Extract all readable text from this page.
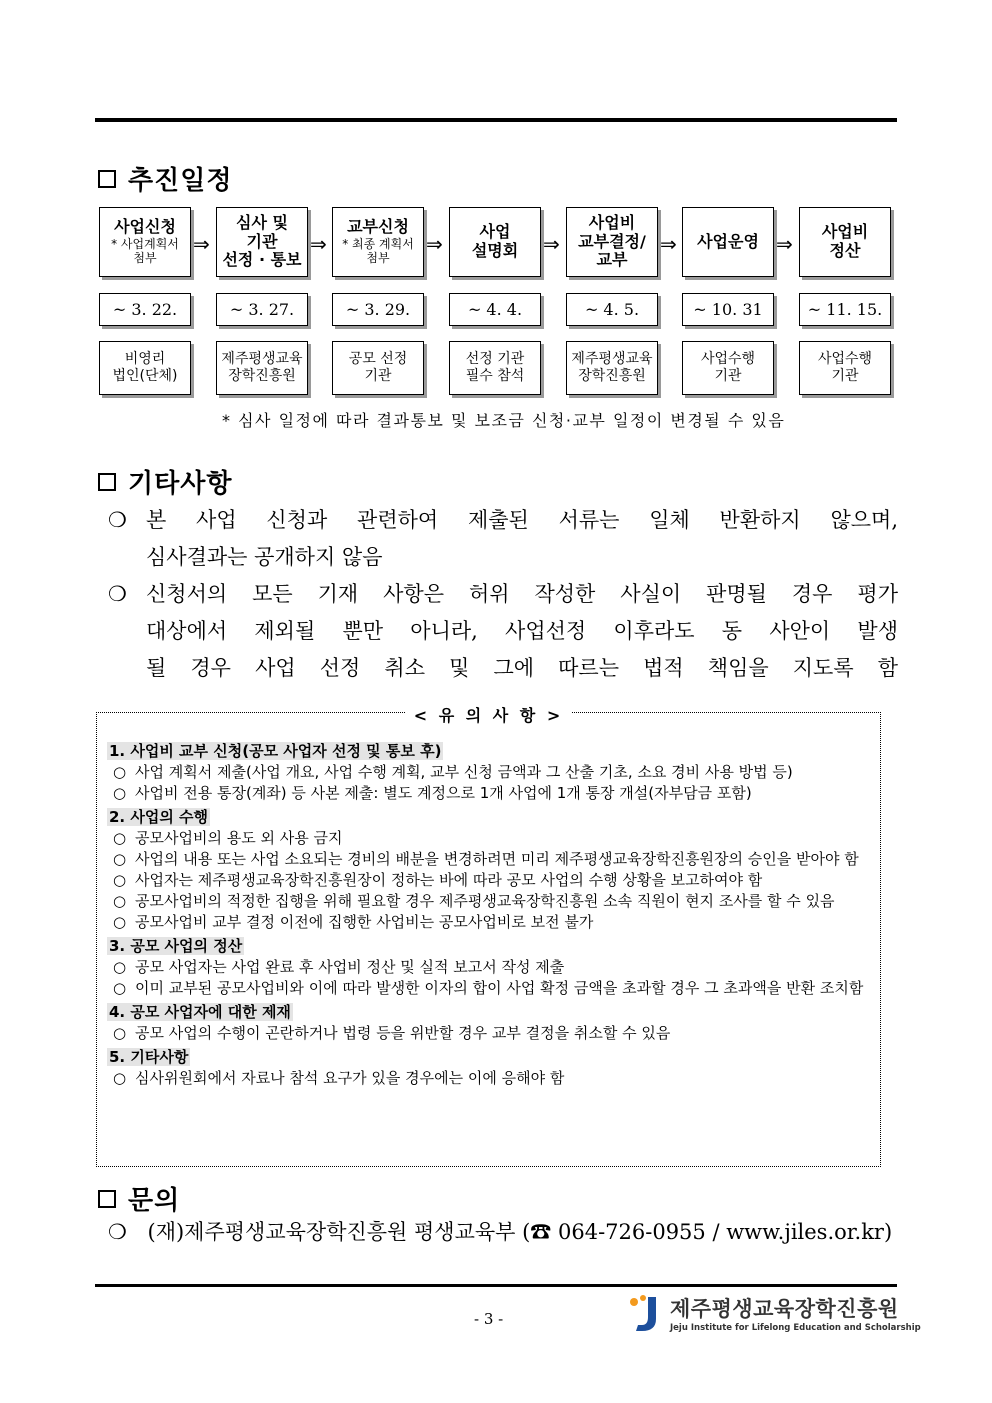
추진일정
사업신청
* 사업계획서
첨부
~ 3. 22.
비영리
법인(단체)
⇒
심사 및
기관
선정 · 통보
~ 3. 27.
제주평생교육
장학진흥원
⇒
교부신청
* 최종 계획서
첨부
~ 3. 29.
공모 선정
기관
⇒
사업
설명회
~ 4. 4.
선정 기관
필수 참석
⇒
사업비
교부결정/
교부
~ 4. 5.
제주평생교육
장학진흥원
⇒ 사업운영
~ 10. 31
사업수행
기관
⇒
사업비
정산
~ 11. 15.
사업수행
기관
* 심사 일정에 따라 결과통보 및 보조금 신청·교부 일정이 변경될 수 있음
기타사항
❍ 본 사업 신청과 관련하여 제출된 서류는 일체 반환하지 않으며,
심사결과는 공개하지 않음
❍ 신청서의 모든 기재 사항은 허위 작성한 사실이 판명될 경우 평가
대상에서 제외될 뿐만 아니라, 사업선정 이후라도 동 사안이 발생
될 경우 사업 선정 취소 및 그에 따르는 법적 책임을 지도록 함
< 유 의 사 항 >
1. 사업비 교부 신청(공모 사업자 선정 및 통보 후)
○ 사업 계획서 제출(사업 개요, 사업 수행 계획, 교부 신청 금액과 그 산출 기초, 소요 경비 사용 방법 등)
○ 사업비 전용 통장(계좌) 등 사본 제출: 별도 계정으로 1개 사업에 1개 통장 개설(자부담금 포함)
2. 사업의 수행
○ 공모사업비의 용도 외 사용 금지
○ 사업의 내용 또는 사업 소요되는 경비의 배분을 변경하려면 미리 제주평생교육장학진흥원장의 승인을 받아야 함
○ 사업자는 제주평생교육장학진흥원장이 정하는 바에 따라 공모 사업의 수행 상황을 보고하여야 함
○ 공모사업비의 적정한 집행을 위해 필요할 경우 제주평생교육장학진흥원 소속 직원이 현지 조사를 할 수 있음
○ 공모사업비 교부 결정 이전에 집행한 사업비는 공모사업비로 보전 불가
3. 공모 사업의 정산
○ 공모 사업자는 사업 완료 후 사업비 정산 및 실적 보고서 작성 제출
○ 이미 교부된 공모사업비와 이에 따라 발생한 이자의 합이 사업 확정 금액을 초과할 경우 그 초과액을 반환 조치함
4. 공모 사업자에 대한 제재
○ 공모 사업의 수행이 곤란하거나 법령 등을 위반할 경우 교부 결정을 취소할 수 있음
5. 기타사항
○ 심사위원회에서 자료나 참석 요구가 있을 경우에는 이에 응해야 함
문의
❍ (재)제주평생교육장학진흥원 평생교육부 (☎ 064-726-0955 / www.jiles.or.kr)
- 3 -	제주평생교육장학진흥원
Jeju Institute for Lifelong Education and Scholarship
